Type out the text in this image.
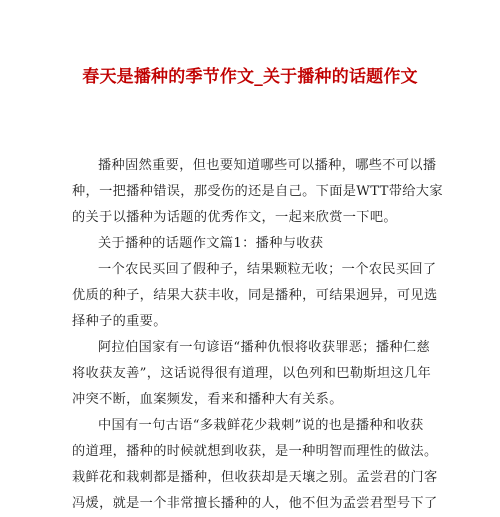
春天是播种的季节作文_关于播种的话题作文
播种固然重要，但也要知道哪些可以播种，哪些不可以播
种，一把播种错误，那受伤的还是自己。下面是WTT带给大家
的关于以播种为话题的优秀作文，一起来欣赏一下吧。
关于播种的话题作文篇1：播种与收获
一个农民买回了假种子，结果颗粒无收；一个农民买回了
优质的种子，结果大获丰收，同是播种，可结果迥异，可见选
择种子的重要。
阿拉伯国家有一句谚语“播种仇恨将收获罪恶；播种仁慈
将收获友善”，这话说得很有道理，以色列和巴勒斯坦这几年
冲突不断，血案频发，看来和播种大有关系。
中国有一句古语“多栽鲜花少栽刺”说的也是播种和收获
的道理，播种的时候就想到收获，是一种明智而理性的做法。
栽鲜花和栽刺都是播种，但收获却是天壤之别。孟尝君的门客
冯煖，就是一个非常擅长播种的人，他不但为孟尝君型号下了
